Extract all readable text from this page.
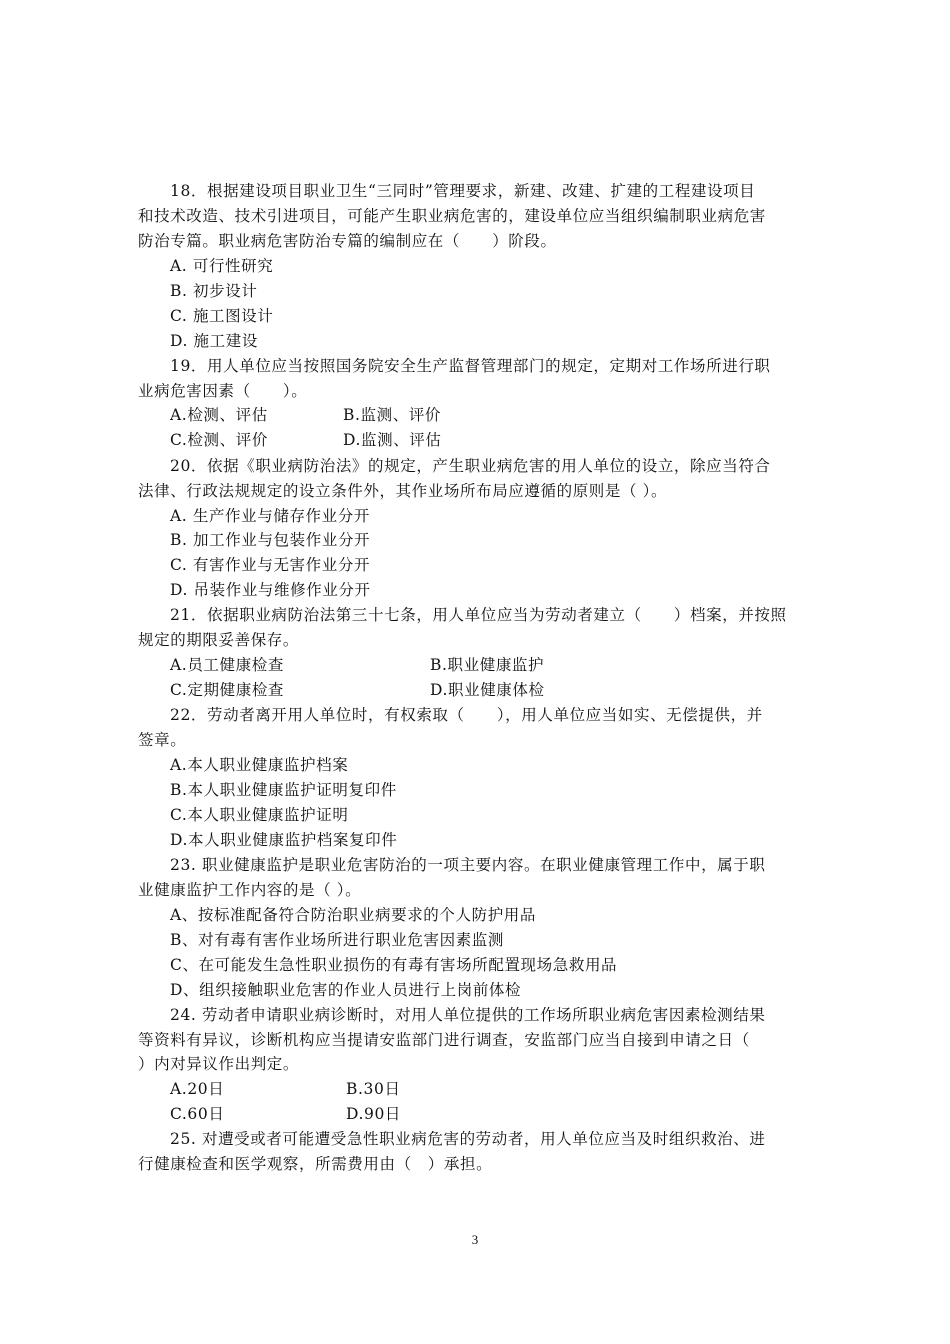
18．根据建设项目职业卫生“三同时”管理要求，新建、改建、扩建的工程建设项目
和技术改造、技术引进项目，可能产生职业病危害的，建设单位应当组织编制职业病危害
防治专篇。职业病危害防治专篇的编制应在（　　）阶段。
A. 可行性研究
B. 初步设计
C. 施工图设计
D. 施工建设
19．用人单位应当按照国务院安全生产监督管理部门的规定，定期对工作场所进行职
业病危害因素（　　）。
A.检测、评估	B.监测、评价
C.检测、评价	D.监测、评估
20．依据《职业病防治法》的规定，产生职业病危害的用人单位的设立，除应当符合
法律、行政法规规定的设立条件外，其作业场所布局应遵循的原则是（ ）。
A. 生产作业与储存作业分开
B. 加工作业与包装作业分开
C. 有害作业与无害作业分开
D. 吊装作业与维修作业分开
21．依据职业病防治法第三十七条，用人单位应当为劳动者建立（　　）档案，并按照
规定的期限妥善保存。
A.员工健康检查	B.职业健康监护
C.定期健康检查	D.职业健康体检
22．劳动者离开用人单位时，有权索取（　　），用人单位应当如实、无偿提供，并
签章。
A.本人职业健康监护档案
B.本人职业健康监护证明复印件
C.本人职业健康监护证明
D.本人职业健康监护档案复印件
23. 职业健康监护是职业危害防治的一项主要内容。在职业健康管理工作中，属于职
业健康监护工作内容的是（ ）。
A、按标准配备符合防治职业病要求的个人防护用品
B、对有毒有害作业场所进行职业危害因素监测
C、在可能发生急性职业损伤的有毒有害场所配置现场急救用品
D、组织接触职业危害的作业人员进行上岗前体检
24. 劳动者申请职业病诊断时，对用人单位提供的工作场所职业病危害因素检测结果
等资料有异议，诊断机构应当提请安监部门进行调查，安监部门应当自接到申请之日（
）内对异议作出判定。
A.20日	B.30日
C.60日	D.90日
25. 对遭受或者可能遭受急性职业病危害的劳动者，用人单位应当及时组织救治、进
行健康检查和医学观察，所需费用由（　）承担。
3
